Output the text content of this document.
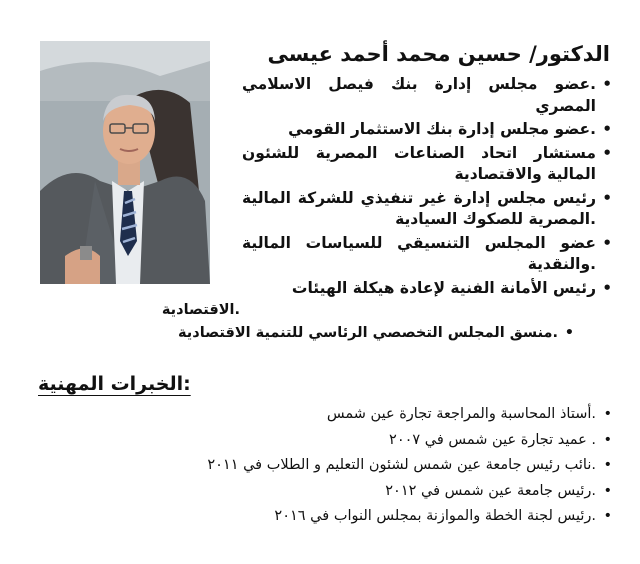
الدكتور/ حسين محمد أحمد عيسى
• .عضو مجلس إدارة بنك فيصل الاسلامي المصري
• .عضو مجلس إدارة بنك الاستثمار القومي
• مستشار اتحاد الصناعات المصرية للشئون المالية والاقتصادية
• رئيس مجلس إدارة غير تنفيذي للشركة المالية .المصرية للصكوك السيادية
• عضو المجلس التنسيقي للسياسات المالية .والنقدية
• رئيس الأمانة الفنية لإعادة هيكلة الهيئات

.الاقتصادية

• .منسق المجلس التخصصي الرئاسي للتنمية الاقتصادية

:الخبرات المهنية
• .أستاذ المحاسبة والمراجعة تجارة عين شمس
• . عميد تجارة عين شمس في ٢٠٠٧
• .نائب رئيس جامعة عين شمس لشئون التعليم و الطلاب في ٢٠١١
• .رئيس جامعة عين شمس في ٢٠١٢
• .رئيس لجنة الخطة والموازنة بمجلس النواب في ٢٠١٦
